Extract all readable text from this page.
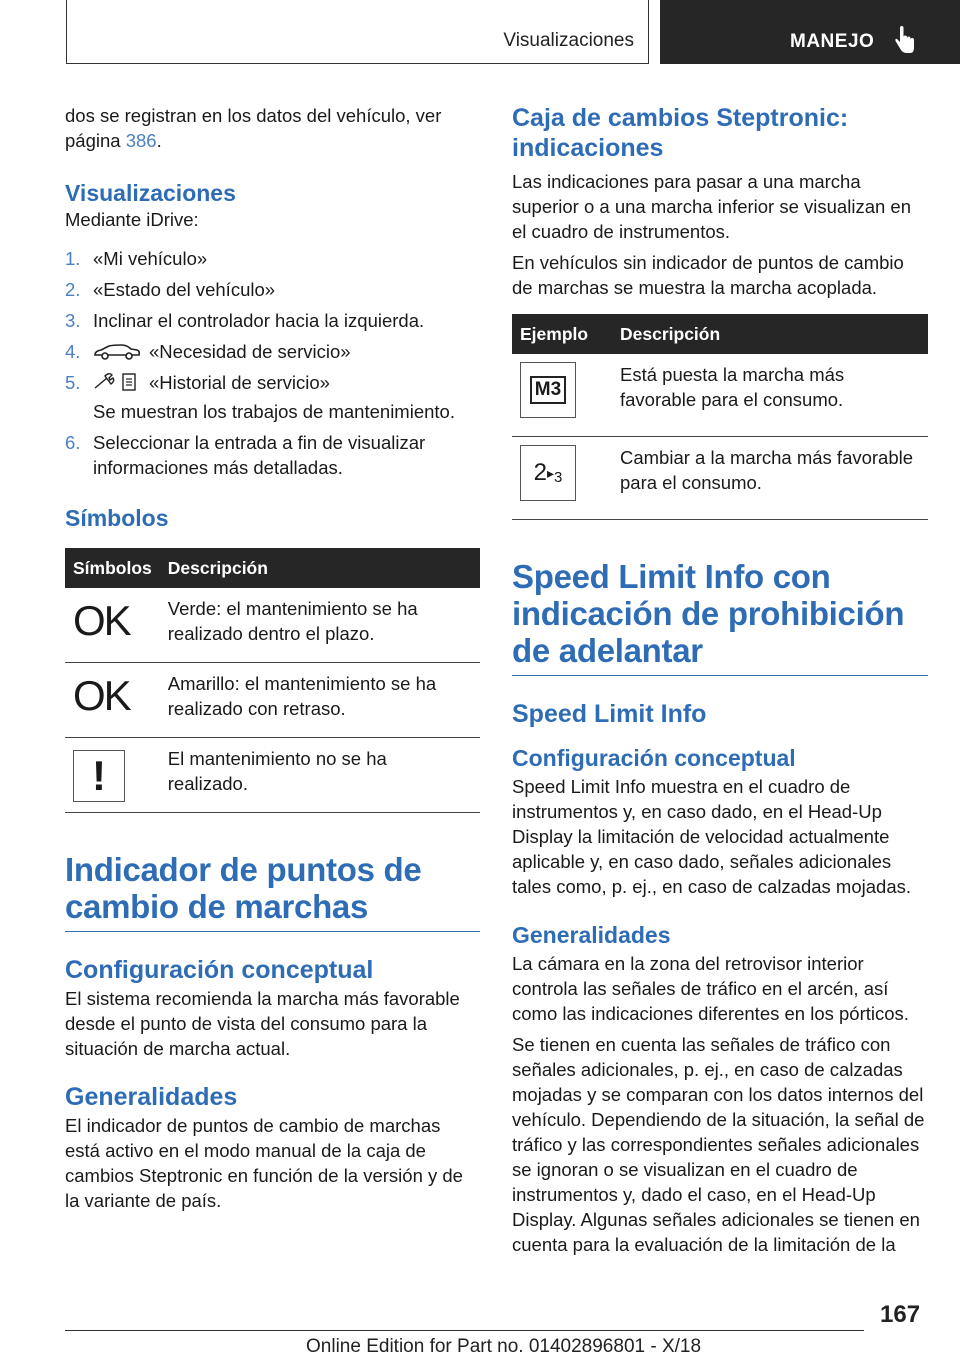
Visualizaciones	MANEJO

dos se registran en los datos del vehículo, ver
página 386.

Visualizaciones

Mediante iDrive:

1. «Mi vehículo»
2. «Estado del vehículo»
3. Inclinar el controlador hacia la izquierda.
4.	«Necesidad de servicio»
5.	«Historial de servicio»
Se muestran los trabajos de mantenimiento.
6. Seleccionar la entrada a fin de visualizar informaciones más detalladas.
Símbolos
Símbolos	Descripción

OK	Verde: el mantenimiento se ha realizado dentro el plazo.

OK	Amarillo: el mantenimiento se ha realizado con retraso.

!	El mantenimiento no se ha realizado.
Indicador de puntos de cambio de marchas
Configuración conceptual

El sistema recomienda la marcha más favorable desde el punto de vista del consumo para la situación de marcha actual.

Generalidades

El indicador de puntos de cambio de marchas está activo en el modo manual de la caja de cambios Steptronic en función de la versión y de la variante de país.

Caja de cambios Steptronic: indicaciones

Las indicaciones para pasar a una marcha superior o a una marcha inferior se visualizan en el cuadro de instrumentos.

En vehículos sin indicador de puntos de cambio de marchas se muestra la marcha acoplada.

Ejemplo	Descripción

M3	Está puesta la marcha más favorable para el consumo.

2 ▸ 3	Cambiar a la marcha más favorable para el consumo.
Speed Limit Info con indicación de prohibición de adelantar
Speed Limit Info
Configuración conceptual

Speed Limit Info muestra en el cuadro de instrumentos y, en caso dado, en el Head-Up Display la limitación de velocidad actualmente aplicable y, en caso dado, señales adicionales tales como, p. ej., en caso de calzadas mojadas.

Generalidades

La cámara en la zona del retrovisor interior controla las señales de tráfico en el arcén, así como las indicaciones diferentes en los pórticos.

Se tienen en cuenta las señales de tráfico con señales adicionales, p. ej., en caso de calzadas mojadas y se comparan con los datos internos del vehículo. Dependiendo de la situación, la señal de tráfico y las correspondientes señales adicionales se ignoran o se visualizan en el cuadro de instrumentos y, dado el caso, en el Head-Up Display. Algunas señales adicionales se tienen en cuenta para la evaluación de la limitación de la

167
Online Edition for Part no. 01402896801 - X/18
